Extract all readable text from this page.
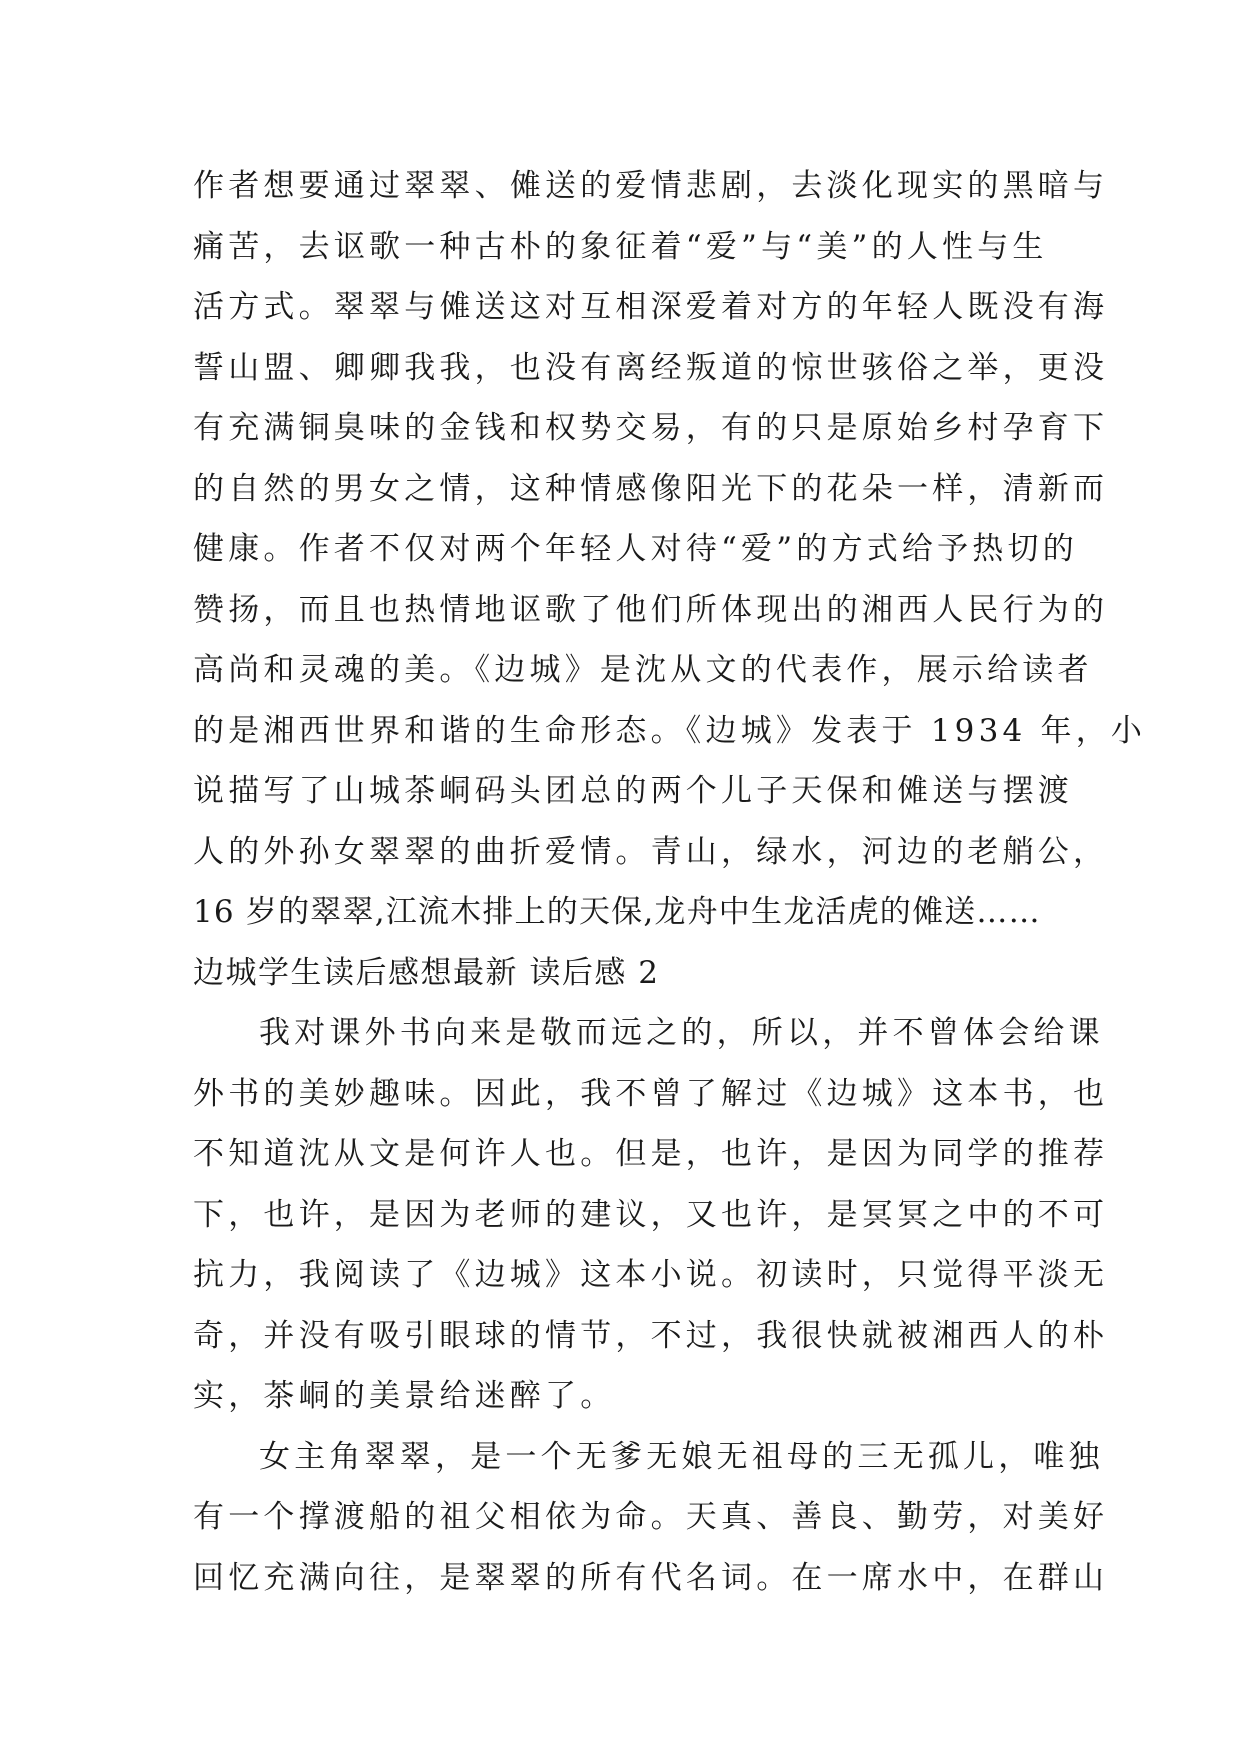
作者想要通过翠翠、傩送的爱情悲剧，去淡化现实的黑暗与
痛苦，去讴歌一种古朴的象征着“爱”与“美”的人性与生
活方式。翠翠与傩送这对互相深爱着对方的年轻人既没有海
誓山盟、卿卿我我，也没有离经叛道的惊世骇俗之举，更没
有充满铜臭味的金钱和权势交易，有的只是原始乡村孕育下
的自然的男女之情，这种情感像阳光下的花朵一样，清新而
健康。作者不仅对两个年轻人对待“爱”的方式给予热切的
赞扬，而且也热情地讴歌了他们所体现出的湘西人民行为的
高尚和灵魂的美。《边城》是沈从文的代表作，展示给读者
的是湘西世界和谐的生命形态。《边城》发表于 1934 年，小
说描写了山城茶峒码头团总的两个儿子天保和傩送与摆渡
人的外孙女翠翠的曲折爱情。青山，绿水，河边的老艄公，
16 岁的翠翠,江流木排上的天保,龙舟中生龙活虎的傩送……
边城学生读后感想最新 读后感 2
我对课外书向来是敬而远之的，所以，并不曾体会给课
外书的美妙趣味。因此，我不曾了解过《边城》这本书，也
不知道沈从文是何许人也。但是，也许，是因为同学的推荐
下，也许，是因为老师的建议，又也许，是冥冥之中的不可
抗力，我阅读了《边城》这本小说。初读时，只觉得平淡无
奇，并没有吸引眼球的情节，不过，我很快就被湘西人的朴
实，茶峒的美景给迷醉了。
女主角翠翠，是一个无爹无娘无祖母的三无孤儿，唯独
有一个撑渡船的祖父相依为命。天真、善良、勤劳，对美好
回忆充满向往，是翠翠的所有代名词。在一席水中，在群山
